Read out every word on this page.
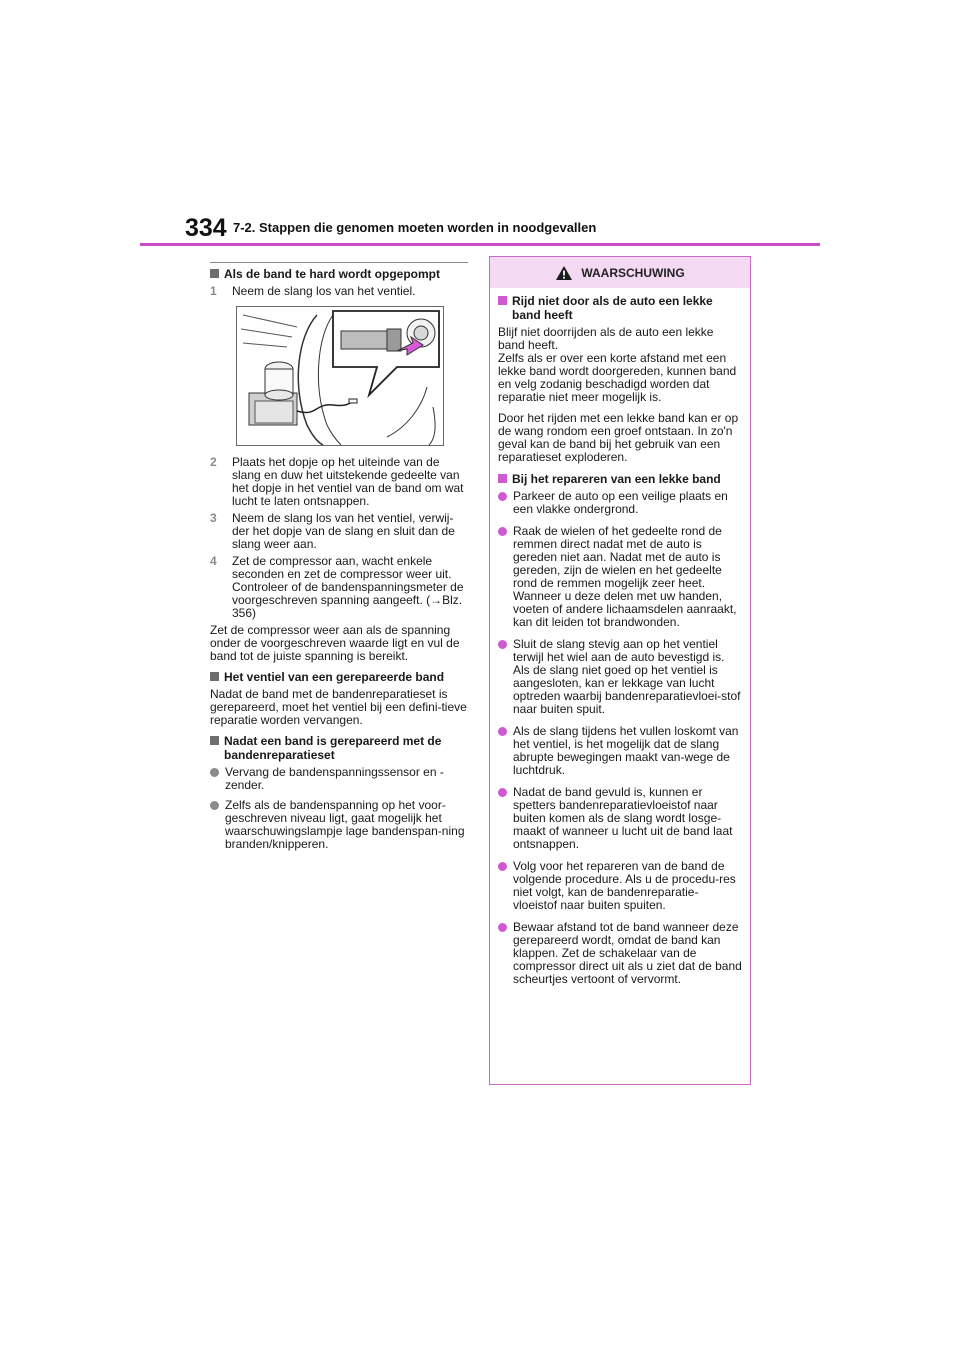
334 7-2. Stappen die genomen moeten worden in noodgevallen
Als de band te hard wordt opgepompt
1	Neem de slang los van het ventiel.
2	Plaats het dopje op het uiteinde van de slang en duw het uitstekende gedeelte van het dopje in het ventiel van de band om wat lucht te laten ontsnappen.
3	Neem de slang los van het ventiel, verwij-der het dopje van de slang en sluit dan de slang weer aan.
4	Zet de compressor aan, wacht enkele seconden en zet de compressor weer uit. Controleer of de bandenspanningsmeter de voorgeschreven spanning aangeeft. (→Blz. 356)
Zet de compressor weer aan als de spanning onder de voorgeschreven waarde ligt en vul de band tot de juiste spanning is bereikt.
Het ventiel van een gerepareerde band
Nadat de band met de bandenreparatieset is gerepareerd, moet het ventiel bij een defini-tieve reparatie worden vervangen.
Nadat een band is gerepareerd met de bandenreparatieset
Vervang de bandenspanningssensor en -zender.
Zelfs als de bandenspanning op het voor-geschreven niveau ligt, gaat mogelijk het waarschuwingslampje lage bandenspan-ning branden/knipperen.
WAARSCHUWING
Rijd niet door als de auto een lekke band heeft
Blijf niet doorrijden als de auto een lekke band heeft.
Zelfs als er over een korte afstand met een lekke band wordt doorgereden, kunnen band en velg zodanig beschadigd worden dat reparatie niet meer mogelijk is.
Door het rijden met een lekke band kan er op de wang rondom een groef ontstaan. In zo'n geval kan de band bij het gebruik van een reparatieset exploderen.
Bij het repareren van een lekke band
Parkeer de auto op een veilige plaats en een vlakke ondergrond.
Raak de wielen of het gedeelte rond de remmen direct nadat met de auto is gereden niet aan. Nadat met de auto is gereden, zijn de wielen en het gedeelte rond de remmen mogelijk zeer heet. Wanneer u deze delen met uw handen, voeten of andere lichaamsdelen aanraakt, kan dit leiden tot brandwonden.
Sluit de slang stevig aan op het ventiel terwijl het wiel aan de auto bevestigd is. Als de slang niet goed op het ventiel is aangesloten, kan er lekkage van lucht optreden waarbij bandenreparatievloei-stof naar buiten spuit.
Als de slang tijdens het vullen loskomt van het ventiel, is het mogelijk dat de slang abrupte bewegingen maakt van-wege de luchtdruk.
Nadat de band gevuld is, kunnen er spetters bandenreparatievloeistof naar buiten komen als de slang wordt losge-maakt of wanneer u lucht uit de band laat ontsnappen.
Volg voor het repareren van de band de volgende procedure. Als u de procedu-res niet volgt, kan de bandenreparatie-vloeistof naar buiten spuiten.
Bewaar afstand tot de band wanneer deze gerepareerd wordt, omdat de band kan klappen. Zet de schakelaar van de compressor direct uit als u ziet dat de band scheurtjes vertoont of vervormt.
